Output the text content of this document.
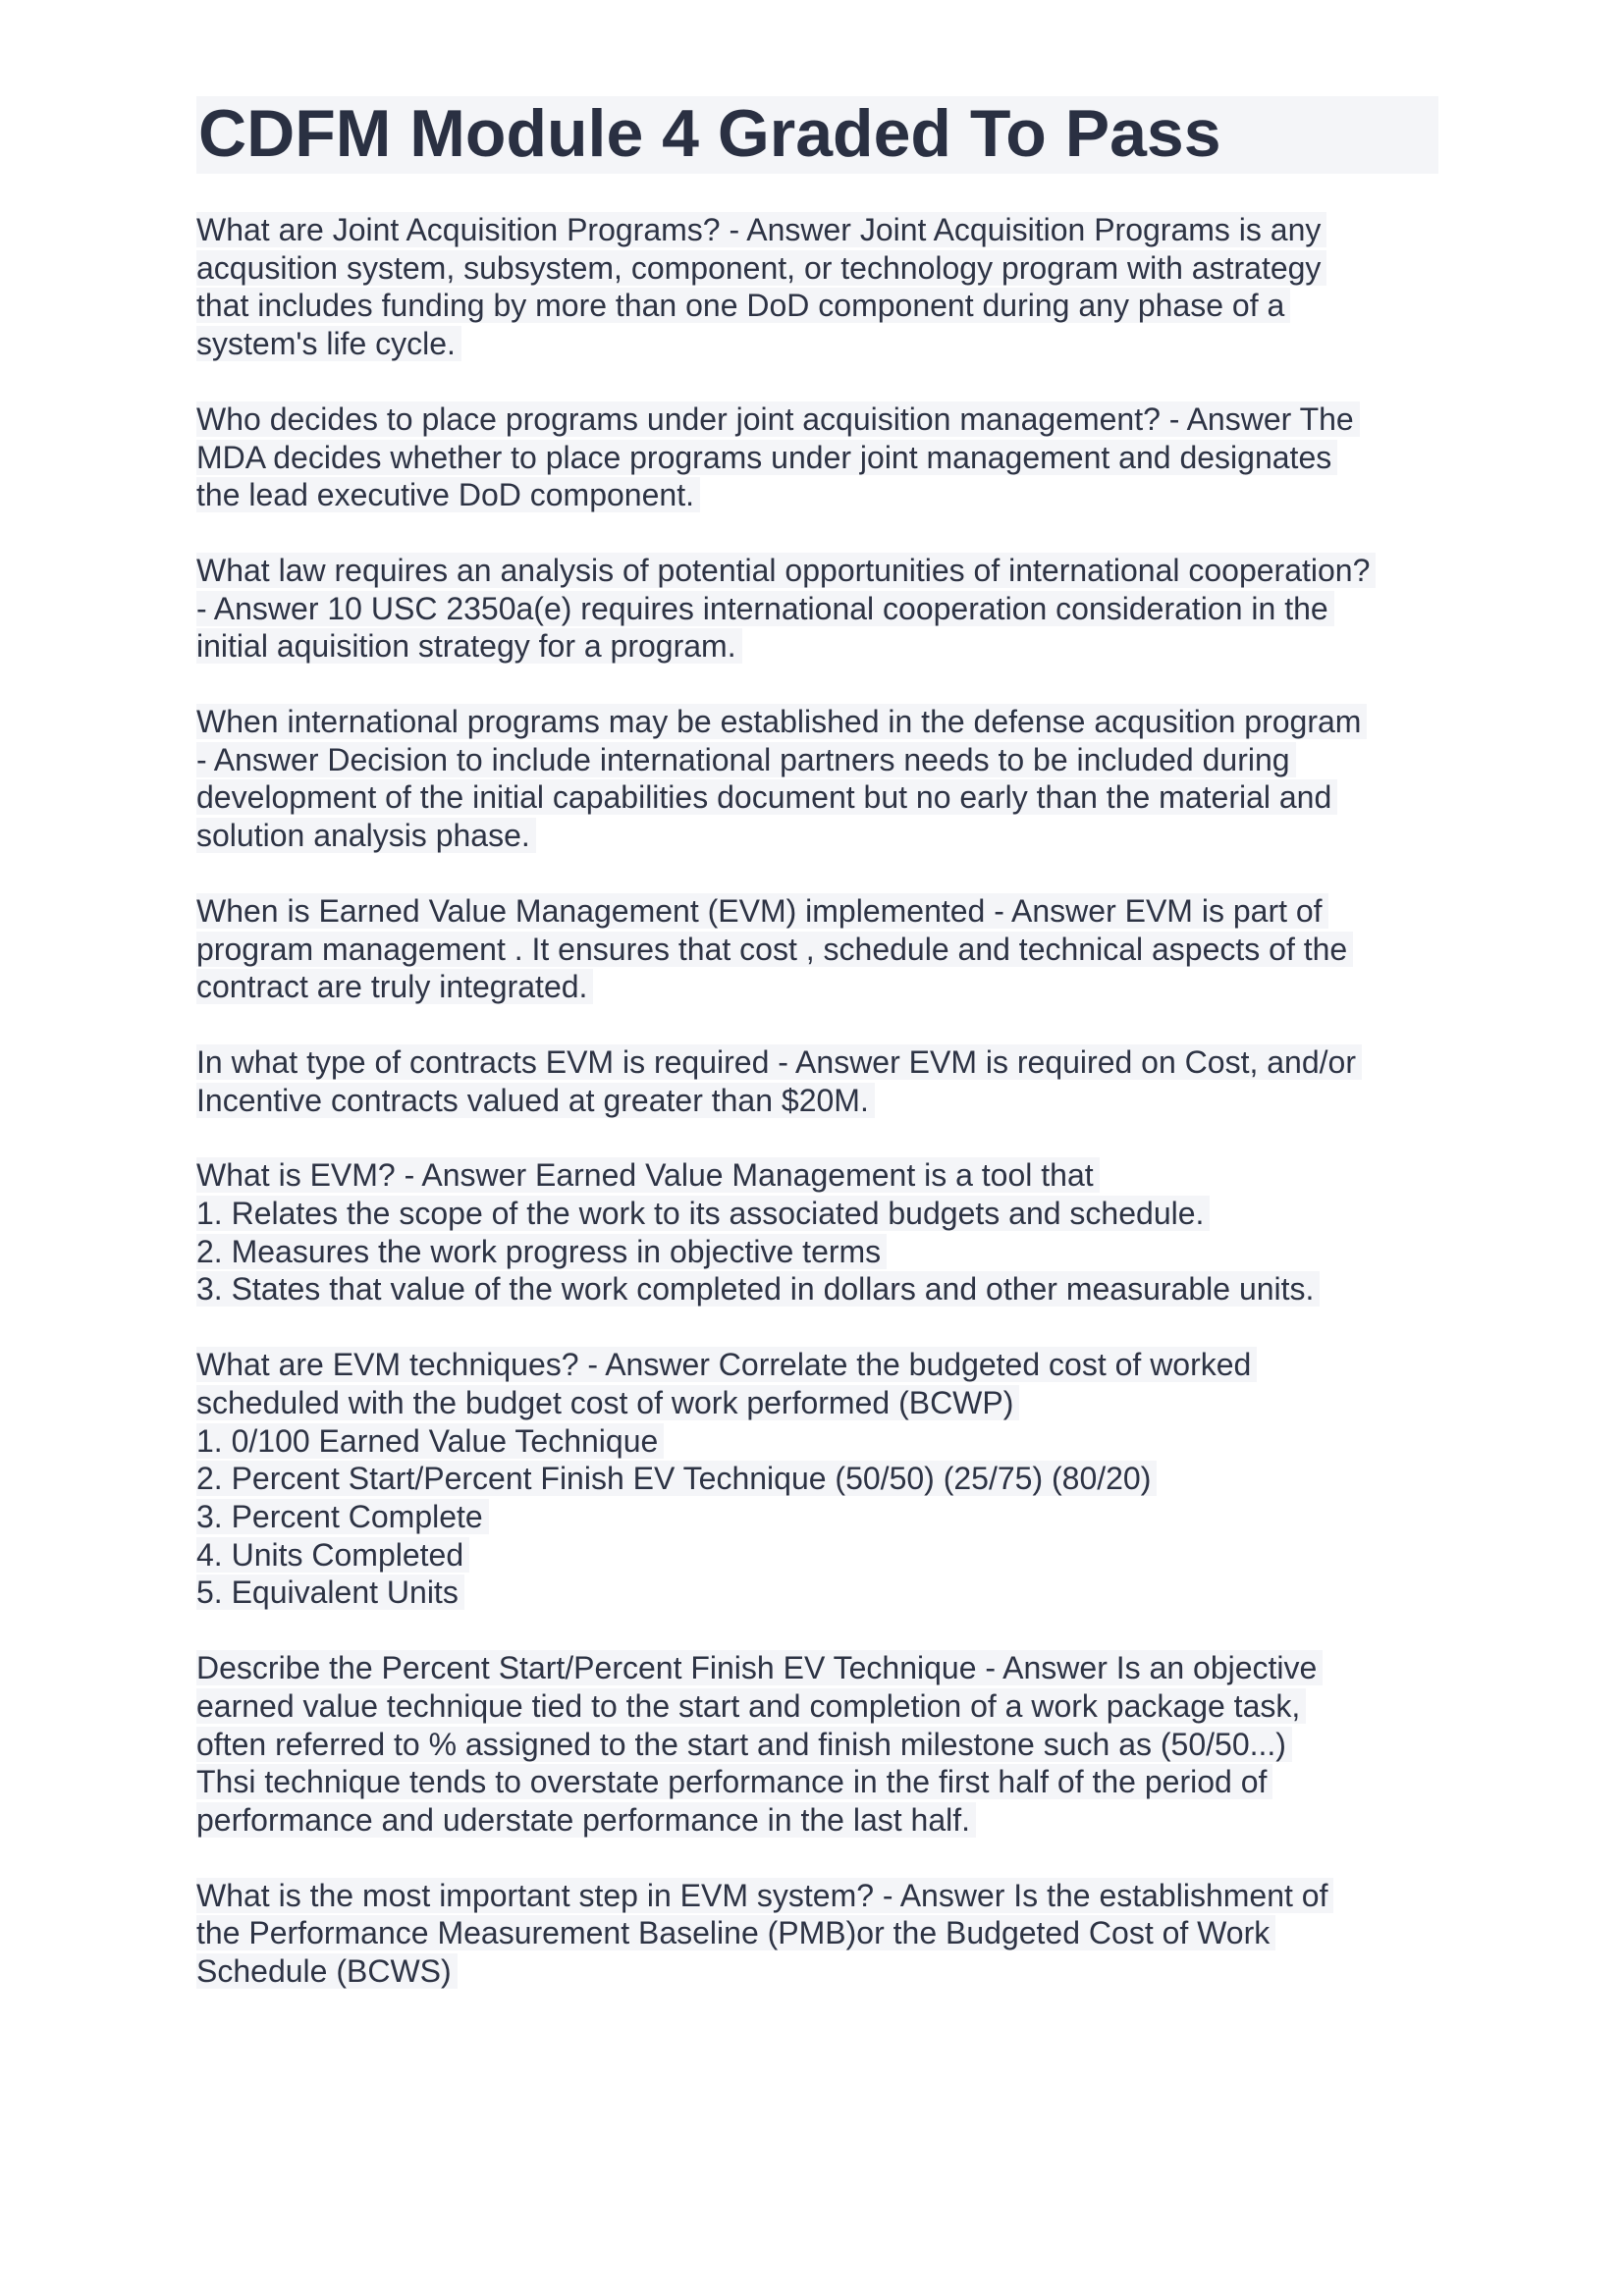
CDFM Module 4 Graded To Pass
What are Joint Acquisition Programs? - Answer Joint Acquisition Programs is any
acqusition system, subsystem, component, or technology program with astrategy
that includes funding by more than one DoD component during any phase of a
system's life cycle.
Who decides to place programs under joint acquisition management? - Answer The
MDA decides whether to place programs under joint management and designates
the lead executive DoD component.
What law requires an analysis of potential opportunities of international cooperation?
- Answer 10 USC 2350a(e) requires international cooperation consideration in the
initial aquisition strategy for a program.
When international programs may be established in the defense acqusition program
- Answer Decision to include international partners needs to be included during
development of the initial capabilities document but no early than the material and
solution analysis phase.
When is Earned Value Management (EVM) implemented - Answer EVM is part of
program management . It ensures that cost , schedule and technical aspects of the
contract are truly integrated.
In what type of contracts EVM is required - Answer EVM is required on Cost, and/or
Incentive contracts valued at greater than $20M.
What is EVM? - Answer Earned Value Management is a tool that
1. Relates the scope of the work to its associated budgets and schedule.
2. Measures the work progress in objective terms
3. States that value of the work completed in dollars and other measurable units.
What are EVM techniques? - Answer Correlate the budgeted cost of worked
scheduled with the budget cost of work performed (BCWP)
1. 0/100 Earned Value Technique
2. Percent Start/Percent Finish EV Technique (50/50) (25/75) (80/20)
3. Percent Complete
4. Units Completed
5. Equivalent Units
Describe the Percent Start/Percent Finish EV Technique - Answer Is an objective
earned value technique tied to the start and completion of a work package task,
often referred to % assigned to the start and finish milestone such as (50/50...)
Thsi technique tends to overstate performance in the first half of the period of
performance and uderstate performance in the last half.
What is the most important step in EVM system? - Answer Is the establishment of
the Performance Measurement Baseline (PMB)or the Budgeted Cost of Work
Schedule (BCWS)
